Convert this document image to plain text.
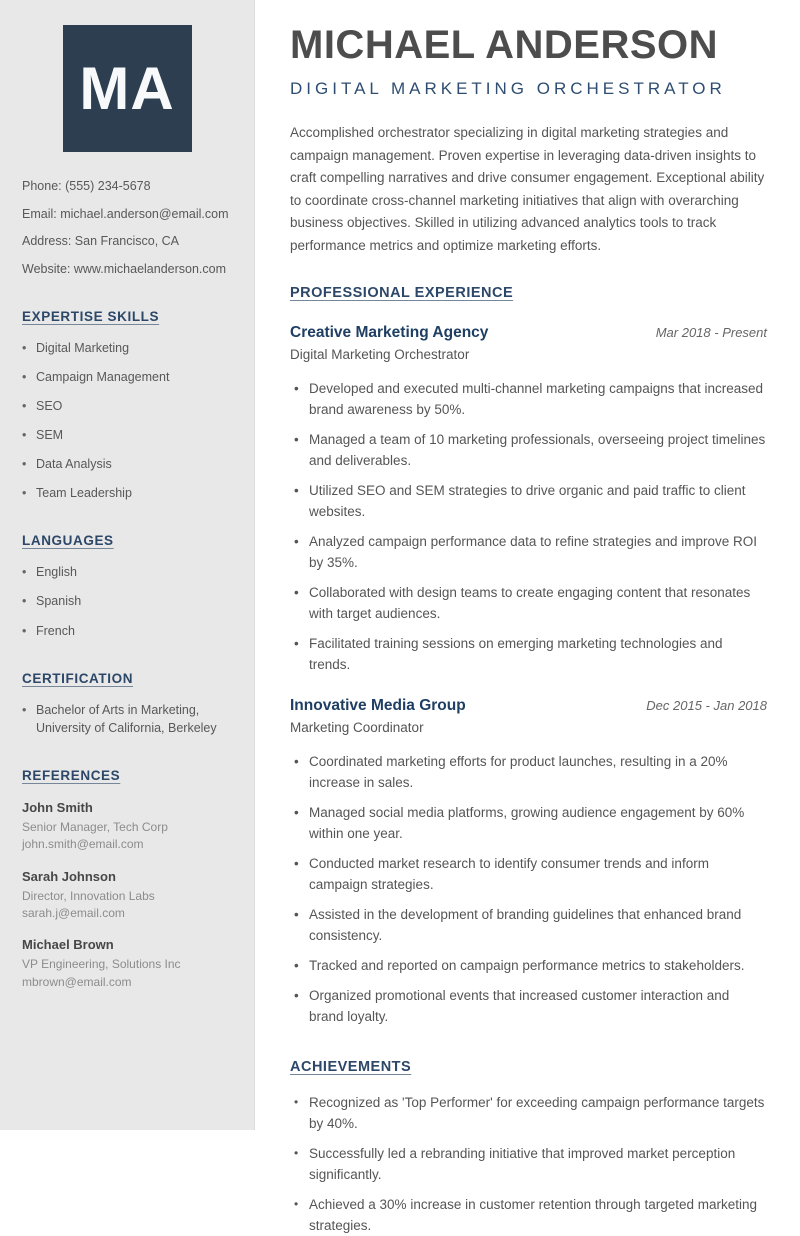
MA
Phone: (555) 234-5678
Email: michael.anderson@email.com
Address: San Francisco, CA
Website: www.michaelanderson.com
EXPERTISE SKILLS
• Digital Marketing
• Campaign Management
• SEO
• SEM
• Data Analysis
• Team Leadership
LANGUAGES
• English
• Spanish
• French
CERTIFICATION
• Bachelor of Arts in Marketing, University of California, Berkeley
REFERENCES
John Smith
Senior Manager, Tech Corp
john.smith@email.com
Sarah Johnson
Director, Innovation Labs
sarah.j@email.com
Michael Brown
VP Engineering, Solutions Inc
mbrown@email.com
MICHAEL ANDERSON
DIGITAL MARKETING ORCHESTRATOR

Accomplished orchestrator specializing in digital marketing strategies and campaign management. Proven expertise in leveraging data-driven insights to craft compelling narratives and drive consumer engagement. Exceptional ability to coordinate cross-channel marketing initiatives that align with overarching business objectives. Skilled in utilizing advanced analytics tools to track performance metrics and optimize marketing efforts.

PROFESSIONAL EXPERIENCE
Creative Marketing Agency	Mar 2018 - Present
Digital Marketing Orchestrator
• Developed and executed multi-channel marketing campaigns that increased brand awareness by 50%.
• Managed a team of 10 marketing professionals, overseeing project timelines and deliverables.
• Utilized SEO and SEM strategies to drive organic and paid traffic to client websites.
• Analyzed campaign performance data to refine strategies and improve ROI by 35%.
• Collaborated with design teams to create engaging content that resonates with target audiences.
• Facilitated training sessions on emerging marketing technologies and trends.
Innovative Media Group	Dec 2015 - Jan 2018
Marketing Coordinator
• Coordinated marketing efforts for product launches, resulting in a 20% increase in sales.
• Managed social media platforms, growing audience engagement by 60% within one year.
• Conducted market research to identify consumer trends and inform campaign strategies.
• Assisted in the development of branding guidelines that enhanced brand consistency.
• Tracked and reported on campaign performance metrics to stakeholders.
• Organized promotional events that increased customer interaction and brand loyalty.
ACHIEVEMENTS
• Recognized as 'Top Performer' for exceeding campaign performance targets by 40%.
• Successfully led a rebranding initiative that improved market perception significantly.
• Achieved a 30% increase in customer retention through targeted marketing strategies.
